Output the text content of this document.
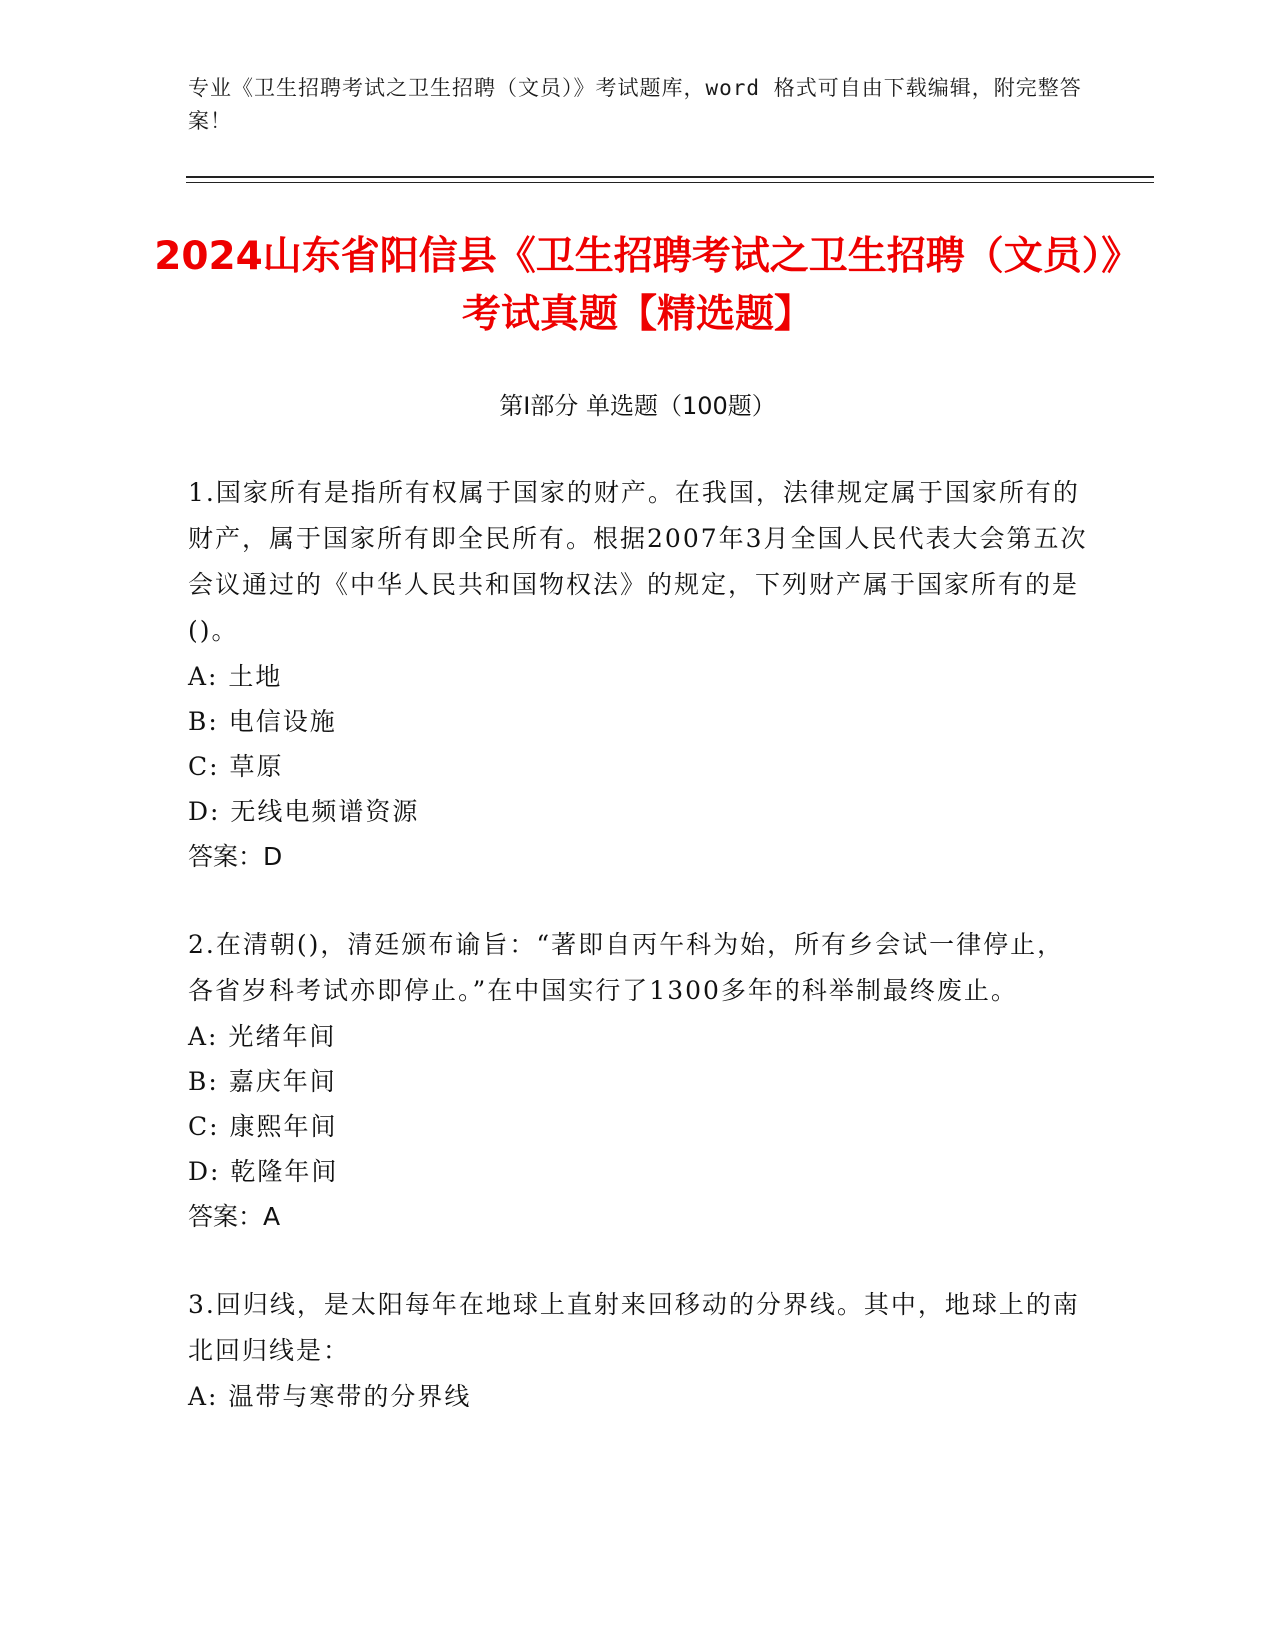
专业《卫生招聘考试之卫生招聘（文员）》考试题库，word 格式可自由下载编辑，附完整答案！
2024山东省阳信县《卫生招聘考试之卫生招聘（文员）》考试真题【精选题】
第Ⅰ部分 单选题（100题）
1.国家所有是指所有权属于国家的财产。在我国，法律规定属于国家所有的财产，属于国家所有即全民所有。根据2007年3月全国人民代表大会第五次会议通过的《中华人民共和国物权法》的规定，下列财产属于国家所有的是()。
A: 土地
B: 电信设施
C: 草原
D: 无线电频谱资源
答案：D
2.在清朝()，清廷颁布谕旨：“著即自丙午科为始，所有乡会试一律停止，各省岁科考试亦即停止。”在中国实行了1300多年的科举制最终废止。
A: 光绪年间
B: 嘉庆年间
C: 康熙年间
D: 乾隆年间
答案：A
3.回归线，是太阳每年在地球上直射来回移动的分界线。其中，地球上的南北回归线是：
A: 温带与寒带的分界线
